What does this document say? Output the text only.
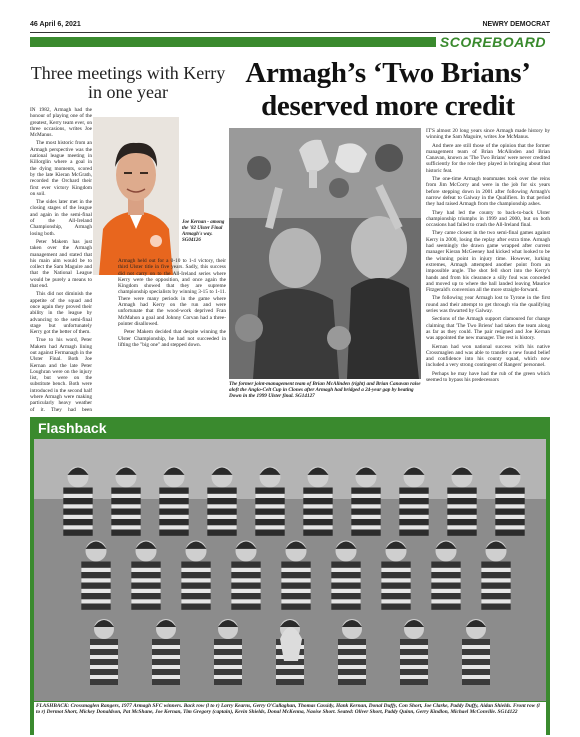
46 April 6, 2021	NEWRY DEMOCRAT
SCOREBOARD
Three meetings with Kerry in one year
Armagh’s ‘Two Brians’ deserved more credit

IN 1982, Armagh had the honour of playing one of the greatest, Kerry team ever, on three occasions, writes Joe McManus.

The most historic from an Armagh perspective was the national league meeting in Killorglin where a goal in the dying moments, scored by the late Kieran McGrath, recorded the Orchard their first ever victory Kingdom on soil.

The sides later met in the closing stages of the league and again in the semi-final of the All-Ireland Championship, Armagh losing both.

Peter Makem has just taken over the Armagh management and stated that his main aim would be to collect the Sam Maguire and that the National League would be purely a means to that end.

This did not diminish the appetite of the squad and once again they proved their ability in the league by advancing to the semi-final stage but unfortunately Kerry got the better of them.

True to his word, Peter Makem had Armagh lining out against Fermanagh in the Ulster Final. Both Joe Kernan and the late Peter Loughran were on the injury list, but were on the substitute bench. Both were introduced in the second half where Armagh were making particularly heavy weather of it. They had been

Joe Kernan - among the '82 Ulster Final Armagh's way. SG04126

Armagh held out for a 0-10 to 1-4 victory, their third Ulster title in five years. Sadly, this success did not carry on to the All-Ireland series where Kerry were the opposition, and once again the Kingdom showed that they are supreme championship specialists by winning 3-15 to 1-11. There were many periods in the game where Armagh had Kerry on the run and were unfortunate that the wood-work deprived Fran McMahon a goal and Johnny Corvan had a three-pointer disallowed.

Peter Makem decided that despite winning the Ulster Championship, he had not succeeded in lifting the "big one" and stepped down.

The former joint-management team of Brian McAlinden (right) and Brian Canavan raise aloft the Anglo-Celt Cup in Clones after Armagh had bridged a 24-year gap by beating Down in the 1999 Ulster final. SG14127

IT'S almost 20 long years since Armagh made history by winning the Sam Maguire, writes Joe McManus.

And there are still those of the opinion that the former management team of Brian McAlinden and Brian Canavan, known as 'The Two Brians' were never credited sufficiently for the role they played in bringing about that historic feat.

The one-time Armagh teammates took over the reins from Jim McCorry and were in the job for six years before stepping down in 2001 after following Armagh's narrow defeat to Galway in the Qualifiers. In that period they had raised Armagh from the championship ashes.

They had led the county to back-to-back Ulster championship triumphs in 1999 and 2000, but on both occasions had failed to crash the All-Ireland final.

They came closest in the two semi-final games against Kerry in 2000, losing the replay after extra time. Armagh had seemingly the drawn game wrapped after current manager Kieran McGeeney had kicked what looked to be the winning point in injury time. However, lurking extremes, Armagh attempted another point from an impossible angle. The shot fell short into the Kerry's hands and from his clearance a silly foul was conceded and moved up to where the ball landed leaving Maurice Fitzgerald's conversion all the more straight-forward.

The following year Armagh lost to Tyrone in the first round and their attempt to get through via the qualifying series was thwarted by Galway.

Sections of the Armagh support clamoured for change claiming that 'The Two Briens' had taken the team along as far as they could. The pair resigned and Joe Kernan was appointed the new manager. The rest is history.

Kernan had won national success with his native Crossmaglen and was able to transfer a new found belief and confidence into his county squad, which now included a very strong contingent of Rangers' personnel.

Perhaps he may have had the rub of the green which seemed to bypass his predecessors

Flashback
FLASHBACK: Crossmaglen Rangers, 1977 Armagh SFC winners. Back row (l to r) Larry Kearns, Gerry O'Callaghan, Thomas Cassidy, Hank Kernan, Donal Duffy, Con Short, Joe Clarke, Paddy Duffy, Aidan Shields. Front row (l to r) Dermot Short, Mickey Donaldson, Pat McShane, Joe Kernan, Tim Gregory (captain), Kevin Shields, Donal McKenna, Naoise Short. Seated: Oliver Short, Paddy Quinn, Gerry Kindlon, Michael McConville. SG14122
